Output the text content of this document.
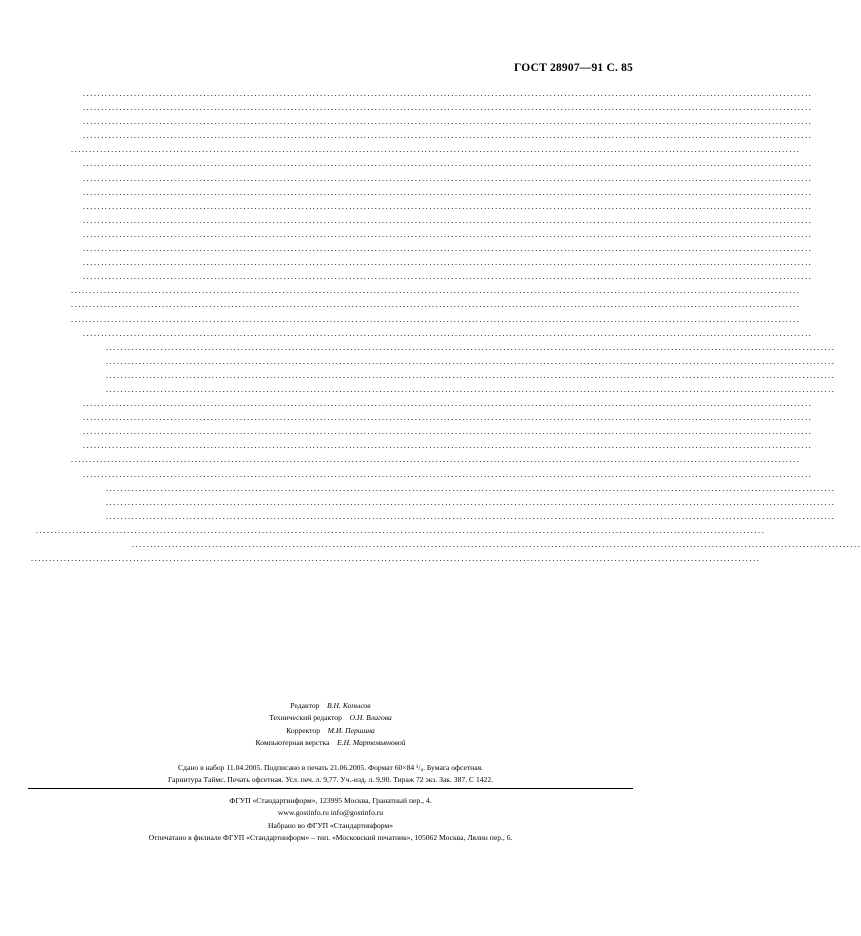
ГОСТ 28907—91 С. 85
........................................................................................................................................................................................................
........................................................................................................................................................................................................
........................................................................................................................................................................................................
........................................................................................................................................................................................................
........................................................................................................................................................................................................
........................................................................................................................................................................................................
........................................................................................................................................................................................................
........................................................................................................................................................................................................
........................................................................................................................................................................................................
........................................................................................................................................................................................................
........................................................................................................................................................................................................
........................................................................................................................................................................................................
........................................................................................................................................................................................................
........................................................................................................................................................................................................
........................................................................................................................................................................................................
........................................................................................................................................................................................................
........................................................................................................................................................................................................
........................................................................................................................................................................................................
........................................................................................................................................................................................................
........................................................................................................................................................................................................
........................................................................................................................................................................................................
........................................................................................................................................................................................................
........................................................................................................................................................................................................
........................................................................................................................................................................................................
........................................................................................................................................................................................................
........................................................................................................................................................................................................
........................................................................................................................................................................................................
........................................................................................................................................................................................................
........................................................................................................................................................................................................
........................................................................................................................................................................................................
........................................................................................................................................................................................................
........................................................................................................................................................................................................
........................................................................................................................................................................................................
........................................................................................................................................................................................................
Редактор   В.Н. Копысов
Технический редактор   О.Н. Влагова
Корректор   М.И. Першина
Компьютерная верстка   Е.Н. Мартемьяновой
Сдано в набор 11.04.2005. Подписано в печать 21.06.2005. Формат 60×84 ¹/₈. Бумага офсетная.
Гарнитура Таймс. Печать офсетная. Усл. печ. л. 9,77. Уч.-изд. л. 9,90. Тираж 72 экз. Зак. 387. С 1422.
ФГУП «Стандартинформ», 123995 Москва, Гранатный пер., 4.
www.gostinfo.ru info@gostinfo.ru
Набрано во ФГУП «Стандартинформ»
Отпечатано в филиале ФГУП «Стандартинформ» – тип. «Московский печатник», 105062 Москва, Лялин пер., 6.
